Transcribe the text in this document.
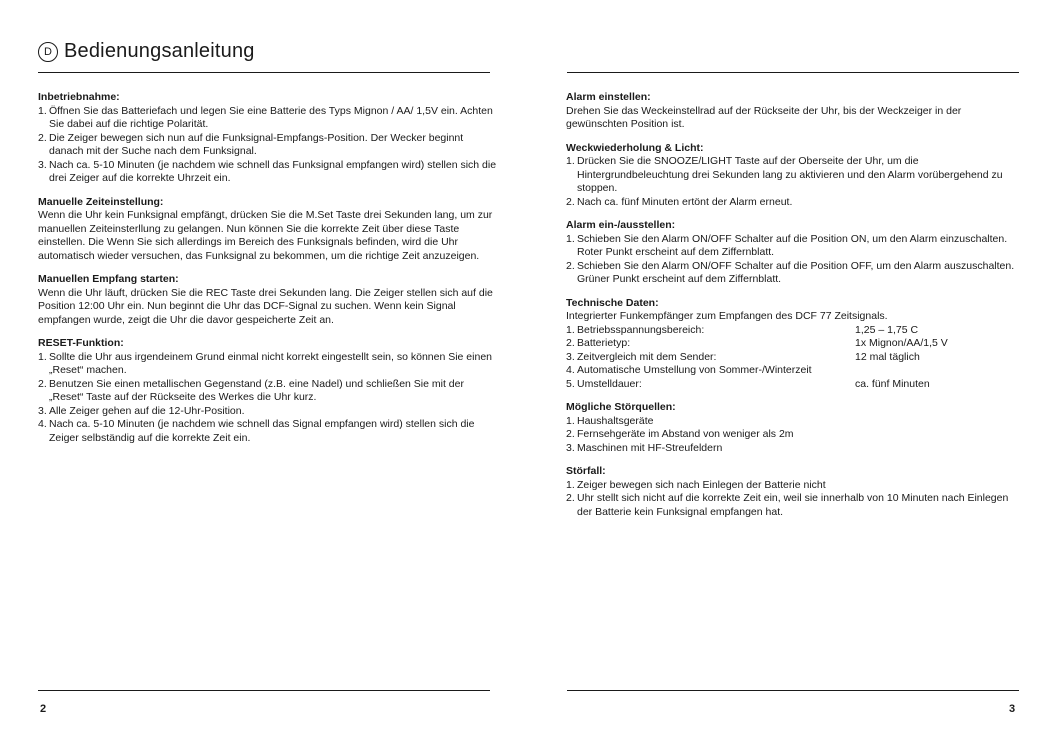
D Bedienungsanleitung

Inbetriebnahme:

1. Öffnen Sie das Batteriefach und legen Sie eine Batterie des Typs Mignon / AA/ 1,5V ein. Achten Sie dabei auf die richtige Polarität.
2. Die Zeiger bewegen sich nun auf die Funksignal-Empfangs-Position. Der Wecker beginnt danach mit der Suche nach dem Funksignal.
3. Nach ca. 5-10 Minuten (je nachdem wie schnell das Funksignal empfangen wird) stellen sich die drei Zeiger auf die korrekte Uhrzeit ein.

Manuelle Zeiteinstellung:

Wenn die Uhr kein Funksignal empfängt, drücken Sie die M.Set Taste drei Sekunden lang, um zur manuellen Zeiteinsterllung zu gelangen. Nun können Sie die korrekte Zeit über diese Taste einstellen. Die Wenn Sie sich allerdings im Bereich des Funksignals befinden, wird die Uhr automatisch wieder versuchen, das Funksignal zu bekommen, um die richtige Zeit anzuzeigen.

Manuellen Empfang starten:

Wenn die Uhr läuft, drücken Sie die REC Taste drei Sekunden lang. Die Zeiger stellen sich auf die Position 12:00 Uhr ein. Nun beginnt die Uhr das DCF-Signal zu suchen. Wenn kein Signal empfangen wurde, zeigt die Uhr die davor gespeicherte Zeit an.

RESET-Funktion:

1. Sollte die Uhr aus irgendeinem Grund einmal nicht korrekt eingestellt sein, so können Sie einen „Reset“ machen.
2. Benutzen Sie einen metallischen Gegenstand (z.B. eine Nadel) und schließen Sie mit der „Reset“ Taste auf der Rückseite des Werkes die Uhr kurz.
3. Alle Zeiger gehen auf die 12-Uhr-Position.
4. Nach ca. 5-10 Minuten (je nachdem wie schnell das Signal empfangen wird) stellen sich die Zeiger selbständig auf die korrekte Zeit ein.
2

Alarm einstellen:

Drehen Sie das Weckeinstellrad auf der Rückseite der Uhr, bis der Weckzeiger in der gewünschten Position ist.

Weckwiederholung & Licht:

1. Drücken Sie die SNOOZE/LIGHT Taste auf der Oberseite der Uhr, um die Hintergrundbeleuchtung drei Sekunden lang zu aktivieren und den Alarm vorübergehend zu stoppen.
2. Nach ca. fünf Minuten ertönt der Alarm erneut.

Alarm ein-/ausstellen:

1. Schieben Sie den Alarm ON/OFF Schalter auf die Position ON, um den Alarm einzuschalten. Roter Punkt erscheint auf dem Ziffernblatt.
2. Schieben Sie den Alarm ON/OFF Schalter auf die Position OFF, um den Alarm auszuschalten. Grüner Punkt erscheint auf dem Ziffernblatt.

Technische Daten:

Integrierter Funkempfänger zum Empfangen des DCF 77 Zeitsignals.

1. Betriebsspannungsbereich:	1,25 – 1,75 C

2. Batterietyp:	1x Mignon/AA/1,5 V

3. Zeitvergleich mit dem Sender:	12 mal täglich

4. Automatische Umstellung von Sommer-/Winterzeit	

5. Umstelldauer:	ca. fünf Minuten

Mögliche Störquellen:

1. Haushaltsgeräte
2. Fernsehgeräte im Abstand von weniger als 2m
3. Maschinen mit HF-Streufeldern

Störfall:

1. Zeiger bewegen sich nach Einlegen der Batterie nicht
2. Uhr stellt sich nicht auf die korrekte Zeit ein, weil sie innerhalb von 10 Minuten nach Einlegen der Batterie kein Funksignal empfangen hat.
3
